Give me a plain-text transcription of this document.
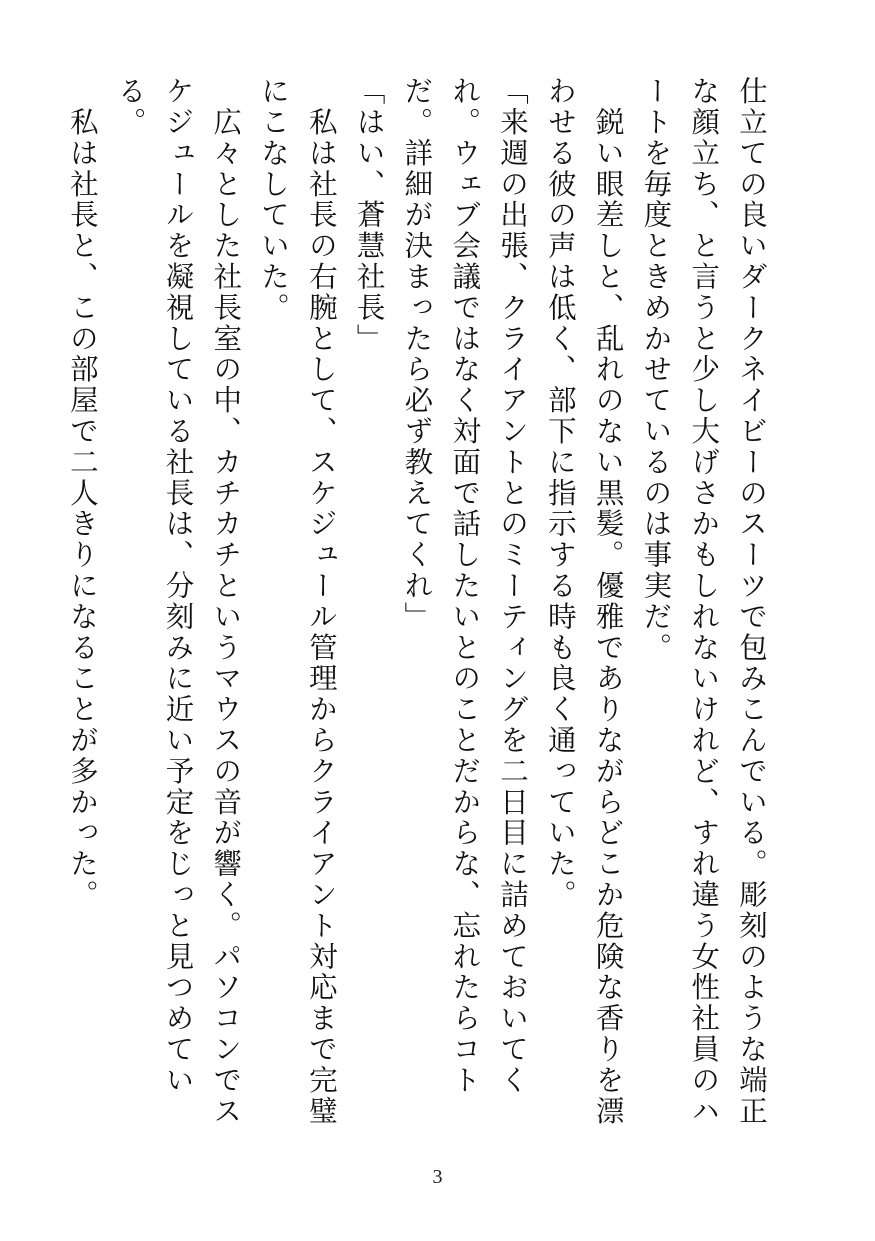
仕立ての良いダークネイビーのスーツで包みこんでいる。彫刻のような端正な顔立ち、と言うと少し大げさかもしれないけれど、すれ違う女性社員のハートを毎度ときめかせているのは事実だ。

　鋭い眼差しと、乱れのない黒髪。優雅でありながらどこか危険な香りを漂わせる彼の声は低く、部下に指示する時も良く通っていた。

「来週の出張、クライアントとのミーティングを二日目に詰めておいてくれ。ウェブ会議ではなく対面で話したいとのことだからな、忘れたらコトだ。詳細が決まったら必ず教えてくれ」

「はい、蒼慧社長」

　私は社長の右腕として、スケジュール管理からクライアント対応まで完璧にこなしていた。

　広々とした社長室の中、カチカチというマウスの音が響く。パソコンでスケジュールを凝視している社長は、分刻みに近い予定をじっと見つめている。

　私は社長と、この部屋で二人きりになることが多かった。

3
